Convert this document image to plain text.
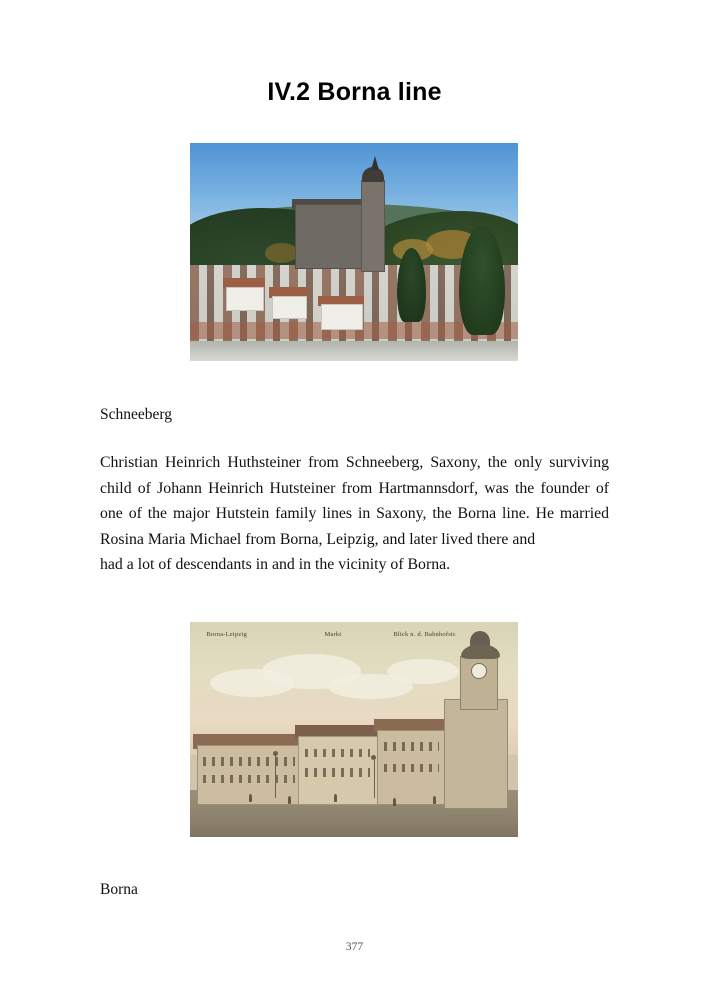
IV.2 Borna line
Schneeberg
Christian Heinrich Huthsteiner from Schneeberg, Saxony, the only surviving child of Johann Heinrich Hutsteiner from Hartmannsdorf, was the founder of one of the major Hutstein family lines in Saxony, the Borna line. He married Rosina Maria Michael from Borna, Leipzig, and later lived there and
had a lot of descendants in and in the vicinity of Borna.
Borna-Leipzig	Markt	Blick n. d. Bahnhofstr.
Borna
377
